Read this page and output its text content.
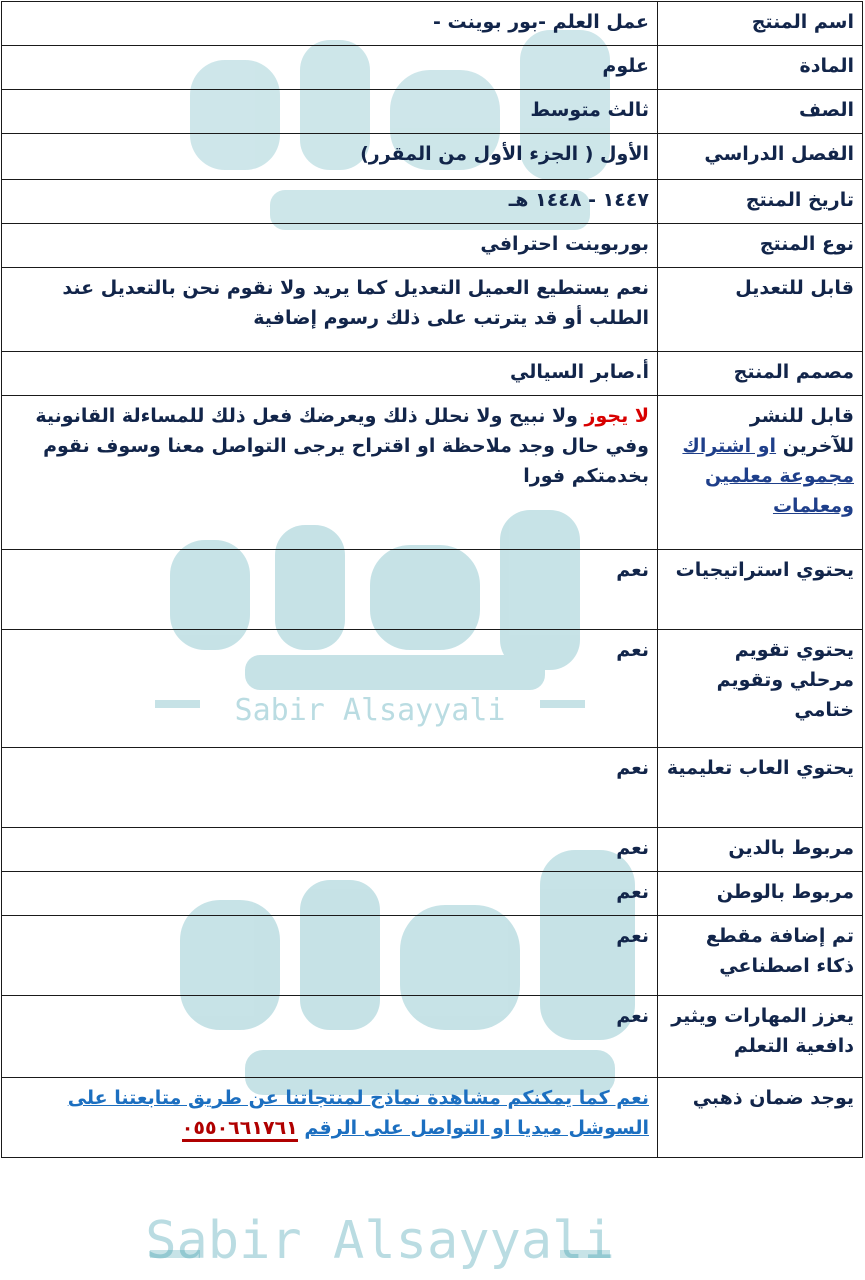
Sabir Alsayyali
Sabir Alsayyali
اسم المنتج	عمل العلم -بور بوينت -
المادة	علوم
الصف	ثالث متوسط
الفصل الدراسي	الأول ( الجزء الأول من المقرر)
تاريخ المنتج	١٤٤٧ - ١٤٤٨ هـ
نوع المنتج	بوربوينت احترافي
قابل للتعديل	نعم يستطيع العميل التعديل كما يريد ولا نقوم نحن بالتعديل عند الطلب أو قد يترتب على ذلك رسوم إضافية
مصمم المنتج	أ.صابر السيالي
قابل للنشر
للآخرين او اشتراك
مجموعة معلمين ومعلمات	لا يجوز ولا نبيح ولا نحلل ذلك ويعرضك فعل ذلك للمساءلة القانونية وفي حال وجد ملاحظة او اقتراح يرجى التواصل معنا وسوف نقوم بخدمتكم فورا
يحتوي استراتيجيات	نعم
يحتوي تقويم مرحلي وتقويم ختامي	نعم
يحتوي العاب تعليمية	نعم
مربوط بالدين	نعم
مربوط بالوطن	نعم
تم إضافة مقطع ذكاء اصطناعي	نعم
يعزز المهارات ويثير دافعية التعلم	نعم
يوجد ضمان ذهبي	نعم كما يمكنكم مشاهدة نماذج لمنتجاتنا عن طريق متابعتنا على السوشل ميديا او التواصل على الرقم ٠٥٥٠٦٦١٧٦١
